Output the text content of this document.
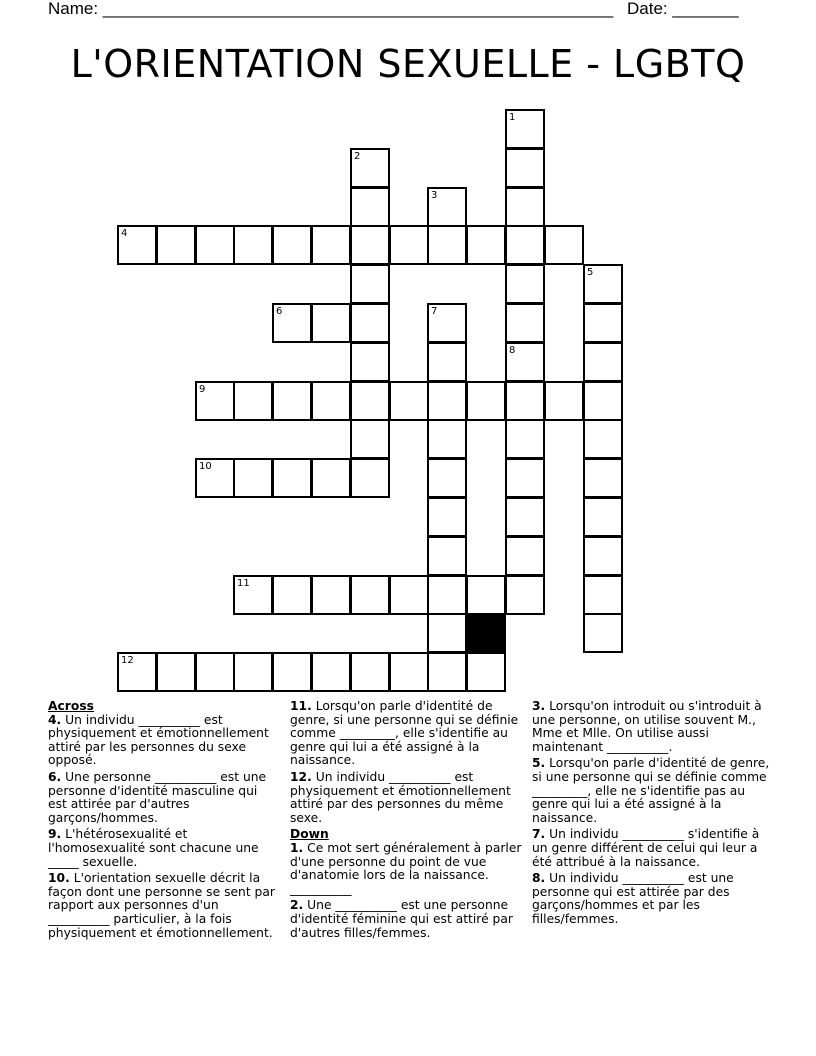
Name: ______________________________________________________ Date: _______
L'ORIENTATION SEXUELLE - LGBTQ
1
8
2
3
4
5
6	7
9
10
11
12
Across
4. Un individu __________ est physiquement et émotionnellement attiré par les personnes du sexe opposé.
6. Une personne __________ est une personne d'identité masculine qui est attirée par d'autres garçons/hommes.
9. L'hétérosexualité et l'homosexualité sont chacune une _____ sexuelle.
10. L'orientation sexuelle décrit la façon dont une personne se sent par rapport aux personnes d'un __________ particulier, à la fois physiquement et émotionnellement.
11. Lorsqu'on parle d'identité de genre, si une personne qui se définie comme _________, elle s'identifie au genre qui lui a été assigné à la naissance.
12. Un individu __________ est physiquement et émotionnellement attiré par des personnes du même sexe.
Down
1. Ce mot sert généralement à parler d'une personne du point de vue d'anatomie lors de la naissance. __________
2. Une __________ est une personne d'identité féminine qui est attiré par d'autres filles/femmes.
3. Lorsqu'on introduit ou s'introduit à une personne, on utilise souvent M., Mme et Mlle. On utilise aussi maintenant __________.
5. Lorsqu'on parle d'identité de genre, si une personne qui se définie comme _________, elle ne s'identifie pas au genre qui lui a été assigné à la naissance.
7. Un individu __________ s'identifie à un genre différent de celui qui leur a été attribué à la naissance.
8. Un individu __________ est une personne qui est attirée par des garçons/hommes et par les filles/femmes.
